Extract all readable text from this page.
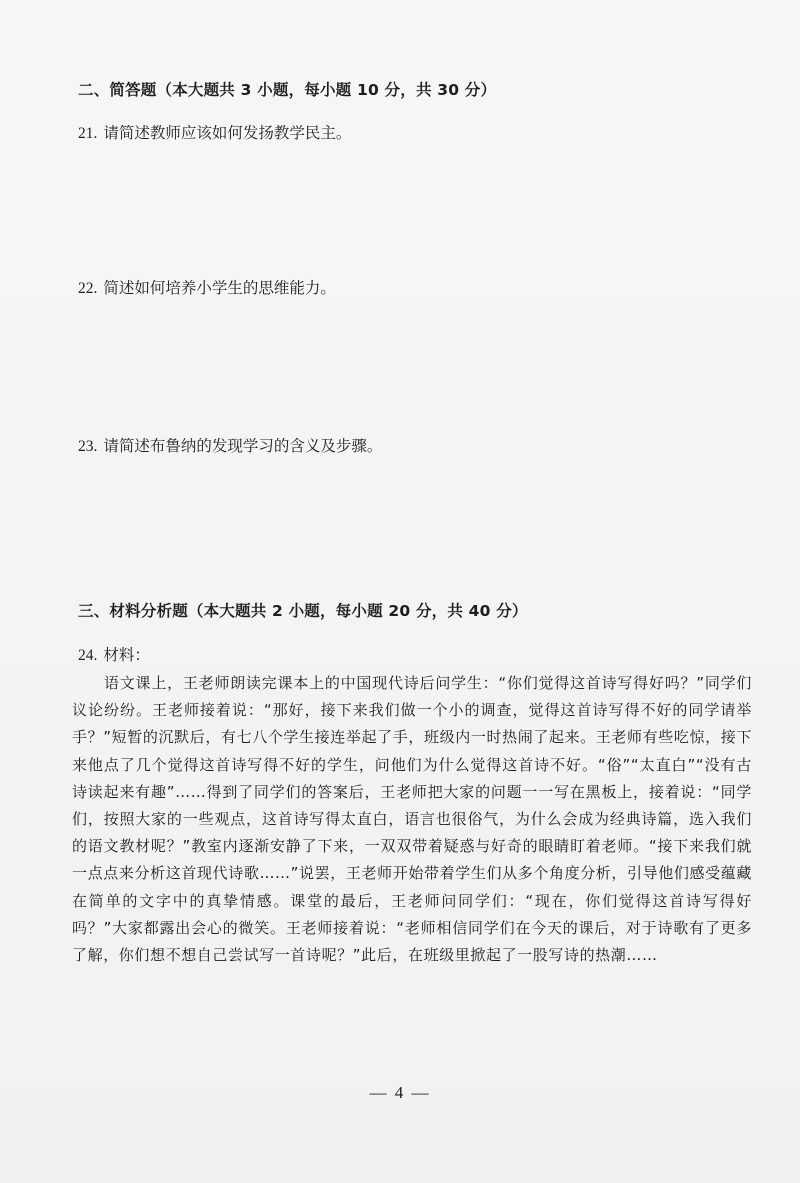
二、简答题（本大题共 3 小题，每小题 10 分，共 30 分）
21. 请简述教师应该如何发扬教学民主。
22. 简述如何培养小学生的思维能力。
23. 请简述布鲁纳的发现学习的含义及步骤。
三、材料分析题（本大题共 2 小题，每小题 20 分，共 40 分）
24. 材料：
语文课上，王老师朗读完课本上的中国现代诗后问学生：“你们觉得这首诗写得好吗？”同学们议论纷纷。王老师接着说：“那好，接下来我们做一个小的调查，觉得这首诗写得不好的同学请举手？”短暂的沉默后，有七八个学生接连举起了手，班级内一时热闹了起来。王老师有些吃惊，接下来他点了几个觉得这首诗写得不好的学生，问他们为什么觉得这首诗不好。“俗”“太直白”“没有古诗读起来有趣”……得到了同学们的答案后，王老师把大家的问题一一写在黑板上，接着说：“同学们，按照大家的一些观点，这首诗写得太直白，语言也很俗气，为什么会成为经典诗篇，选入我们的语文教材呢？”教室内逐渐安静了下来，一双双带着疑惑与好奇的眼睛盯着老师。“接下来我们就一点点来分析这首现代诗歌……”说罢，王老师开始带着学生们从多个角度分析，引导他们感受蕴藏在简单的文字中的真挚情感。课堂的最后，王老师问同学们：“现在，你们觉得这首诗写得好吗？”大家都露出会心的微笑。王老师接着说：“老师相信同学们在今天的课后，对于诗歌有了更多了解，你们想不想自己尝试写一首诗呢？”此后，在班级里掀起了一股写诗的热潮……
— 4 —
